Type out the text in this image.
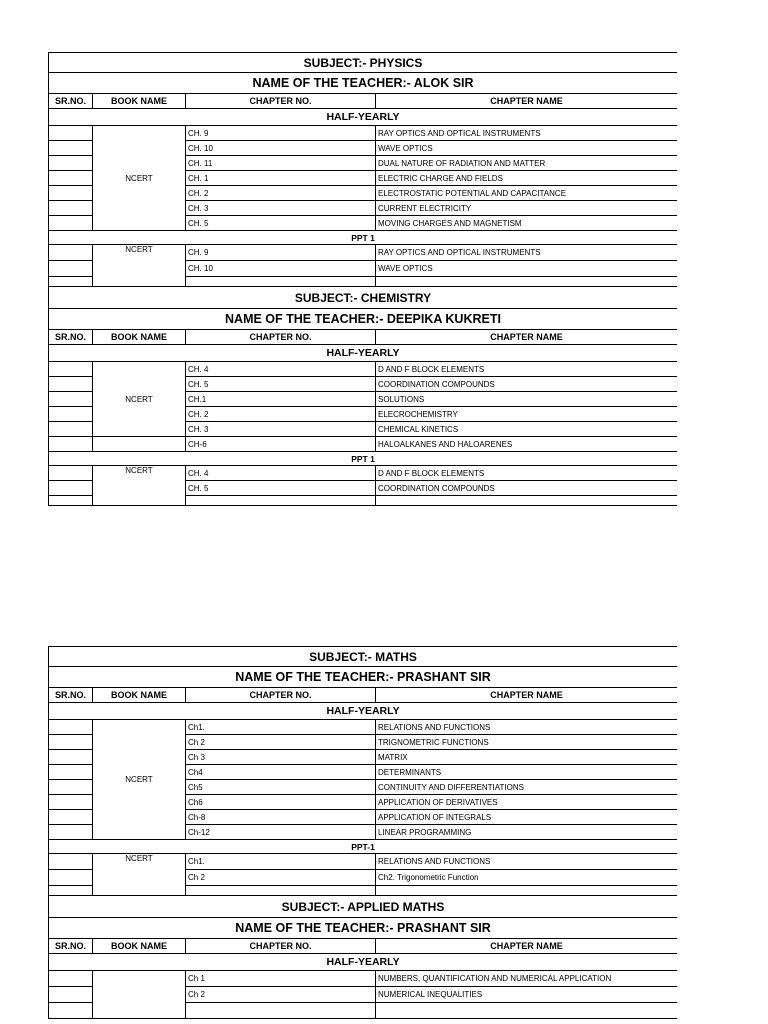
SUBJECT:- PHYSICS			
NAME OF THE TEACHER:- ALOK SIR			
SR.NO.	BOOK NAME	CHAPTER NO.	CHAPTER NAME
HALF-YEARLY			
	NCERT	CH. 9	RAY OPTICS AND OPTICAL INSTRUMENTS
		CH. 10	WAVE OPTICS
		CH. 11	DUAL NATURE OF RADIATION AND MATTER
		CH. 1	ELECTRIC CHARGE AND FIELDS
		CH. 2	ELECTROSTATIC POTENTIAL AND CAPACITANCE
		CH. 3	CURRENT ELECTRICITY
		CH. 5	MOVING CHARGES AND MAGNETISM
PPT 1			
	NCERT	CH. 9	RAY OPTICS AND OPTICAL INSTRUMENTS
		CH. 10	WAVE OPTICS

SUBJECT:- CHEMISTRY			
NAME OF THE TEACHER:- DEEPIKA KUKRETI			
SR.NO.	BOOK NAME	CHAPTER NO.	CHAPTER NAME
HALF-YEARLY			
	NCERT	CH. 4	D AND F BLOCK ELEMENTS
		CH. 5	COORDINATION COMPOUNDS
		CH.1	SOLUTIONS
		CH. 2	ELECROCHEMISTRY
		CH. 3	CHEMICAL KINETICS
		CH-6	HALOALKANES AND HALOARENES
PPT 1			
	NCERT	CH. 4	D AND F BLOCK ELEMENTS
		CH. 5	COORDINATION COMPOUNDS

SUBJECT:- MATHS			
NAME OF THE TEACHER:- PRASHANT SIR			
SR.NO.	BOOK NAME	CHAPTER NO.	CHAPTER NAME
HALF-YEARLY			
	NCERT	Ch1.	RELATIONS AND FUNCTIONS
		Ch 2	TRIGNOMETRIC FUNCTIONS
		Ch 3	MATRIX
		Ch4	DETERMINANTS
		Ch5	CONTINUITY AND DIFFERENTIATIONS
		Ch6	APPLICATION OF DERIVATIVES
		Ch-8	APPLICATION OF INTEGRALS
		Ch-12	LINEAR PROGRAMMING
PPT-1			
	NCERT	Ch1.	RELATIONS AND FUNCTIONS
		Ch 2	Ch2. Trigonometric Function

SUBJECT:- APPLIED MATHS			
NAME OF THE TEACHER:- PRASHANT SIR			
SR.NO.	BOOK NAME	CHAPTER NO.	CHAPTER NAME
HALF-YEARLY			
		Ch 1	NUMBERS, QUANTIFICATION AND NUMERICAL APPLICATION
		Ch 2	NUMERICAL INEQUALITIES
